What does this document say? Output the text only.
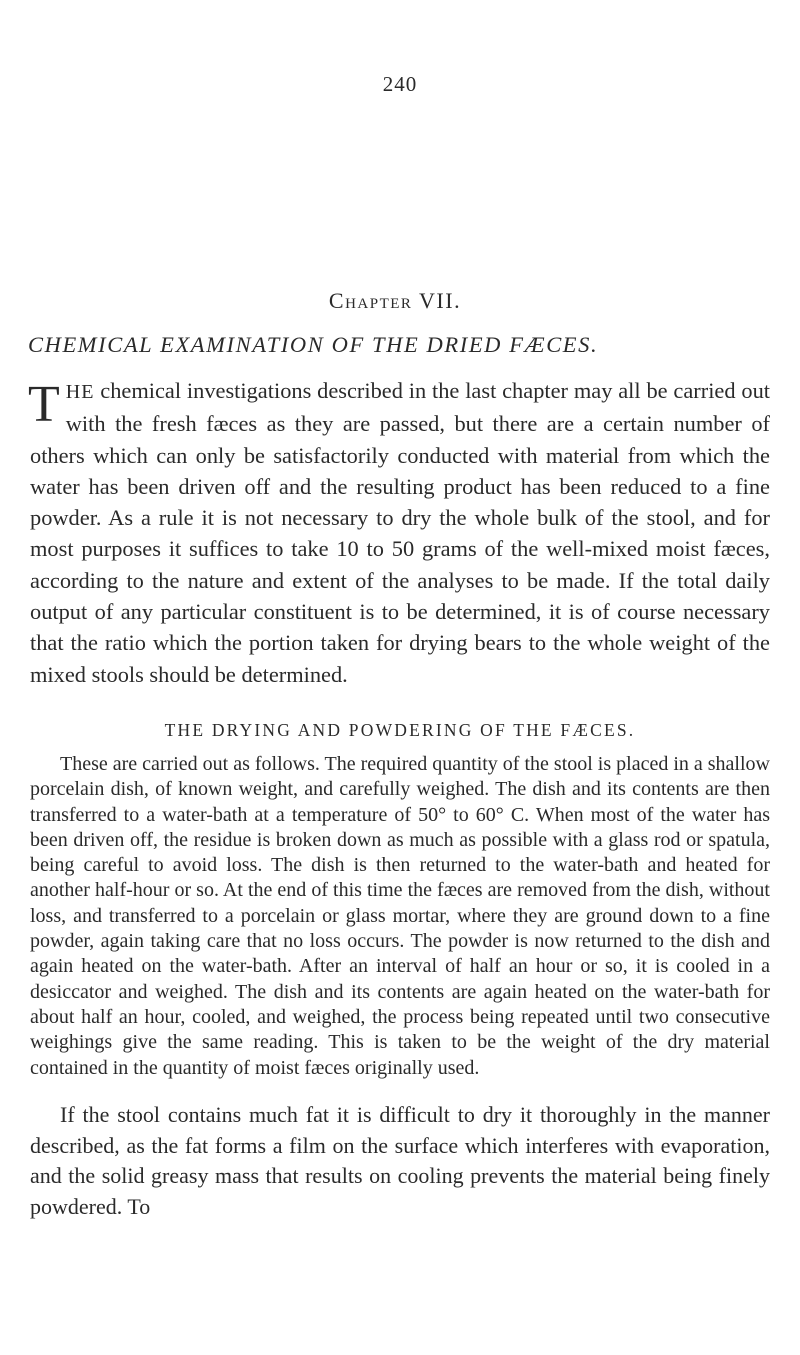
240
Chapter VII.
CHEMICAL EXAMINATION OF THE DRIED FÆCES.
THE chemical investigations described in the last chapter may all be carried out with the fresh fæces as they are passed, but there are a certain number of others which can only be satisfactorily conducted with material from which the water has been driven off and the resulting product has been reduced to a fine powder. As a rule it is not necessary to dry the whole bulk of the stool, and for most purposes it suffices to take 10 to 50 grams of the well-mixed moist fæces, according to the nature and extent of the analyses to be made. If the total daily output of any particular constituent is to be determined, it is of course necessary that the ratio which the portion taken for drying bears to the whole weight of the mixed stools should be determined.
THE DRYING AND POWDERING OF THE FÆCES.
These are carried out as follows. The required quantity of the stool is placed in a shallow porcelain dish, of known weight, and carefully weighed. The dish and its contents are then transferred to a water-bath at a temperature of 50° to 60° C. When most of the water has been driven off, the residue is broken down as much as possible with a glass rod or spatula, being careful to avoid loss. The dish is then returned to the water-bath and heated for another half-hour or so. At the end of this time the fæces are removed from the dish, without loss, and transferred to a porcelain or glass mortar, where they are ground down to a fine powder, again taking care that no loss occurs. The powder is now returned to the dish and again heated on the water-bath. After an interval of half an hour or so, it is cooled in a desiccator and weighed. The dish and its contents are again heated on the water-bath for about half an hour, cooled, and weighed, the process being repeated until two consecutive weighings give the same reading. This is taken to be the weight of the dry material contained in the quantity of moist fæces originally used.
If the stool contains much fat it is difficult to dry it thoroughly in the manner described, as the fat forms a film on the surface which interferes with evaporation, and the solid greasy mass that results on cooling prevents the material being finely powdered. To
